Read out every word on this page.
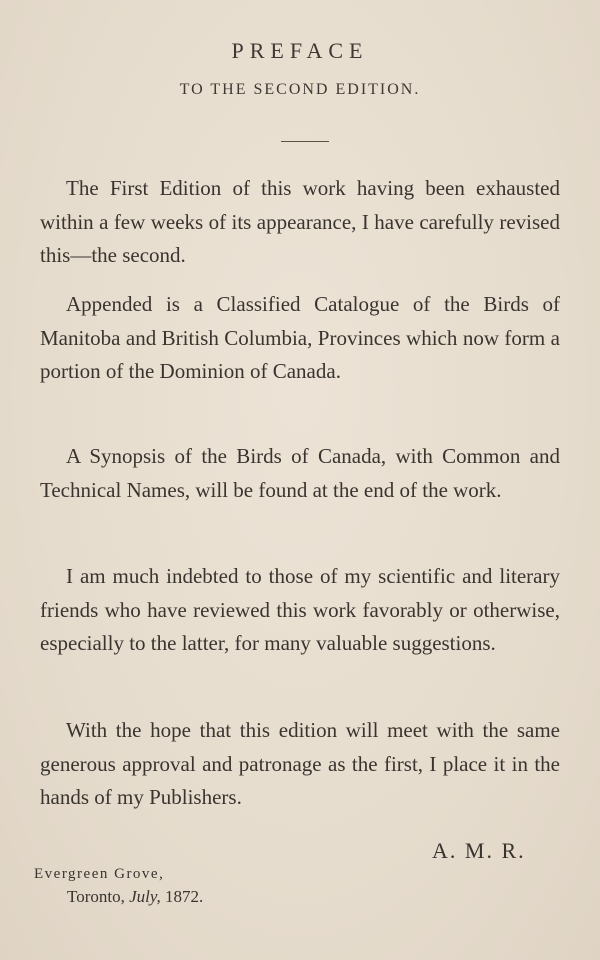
PREFACE
TO THE SECOND EDITION.
The First Edition of this work having been exhausted within a few weeks of its appearance, I have carefully revised this—the second.
Appended is a Classified Catalogue of the Birds of Manitoba and British Columbia, Provinces which now form a portion of the Dominion of Canada.
A Synopsis of the Birds of Canada, with Common and Technical Names, will be found at the end of the work.
I am much indebted to those of my scientific and literary friends who have reviewed this work favorably or otherwise, especially to the latter, for many valuable suggestions.
With the hope that this edition will meet with the same generous approval and patronage as the first, I place it in the hands of my Publishers.
A. M. R.
Evergreen Grove,
Toronto, July, 1872.
